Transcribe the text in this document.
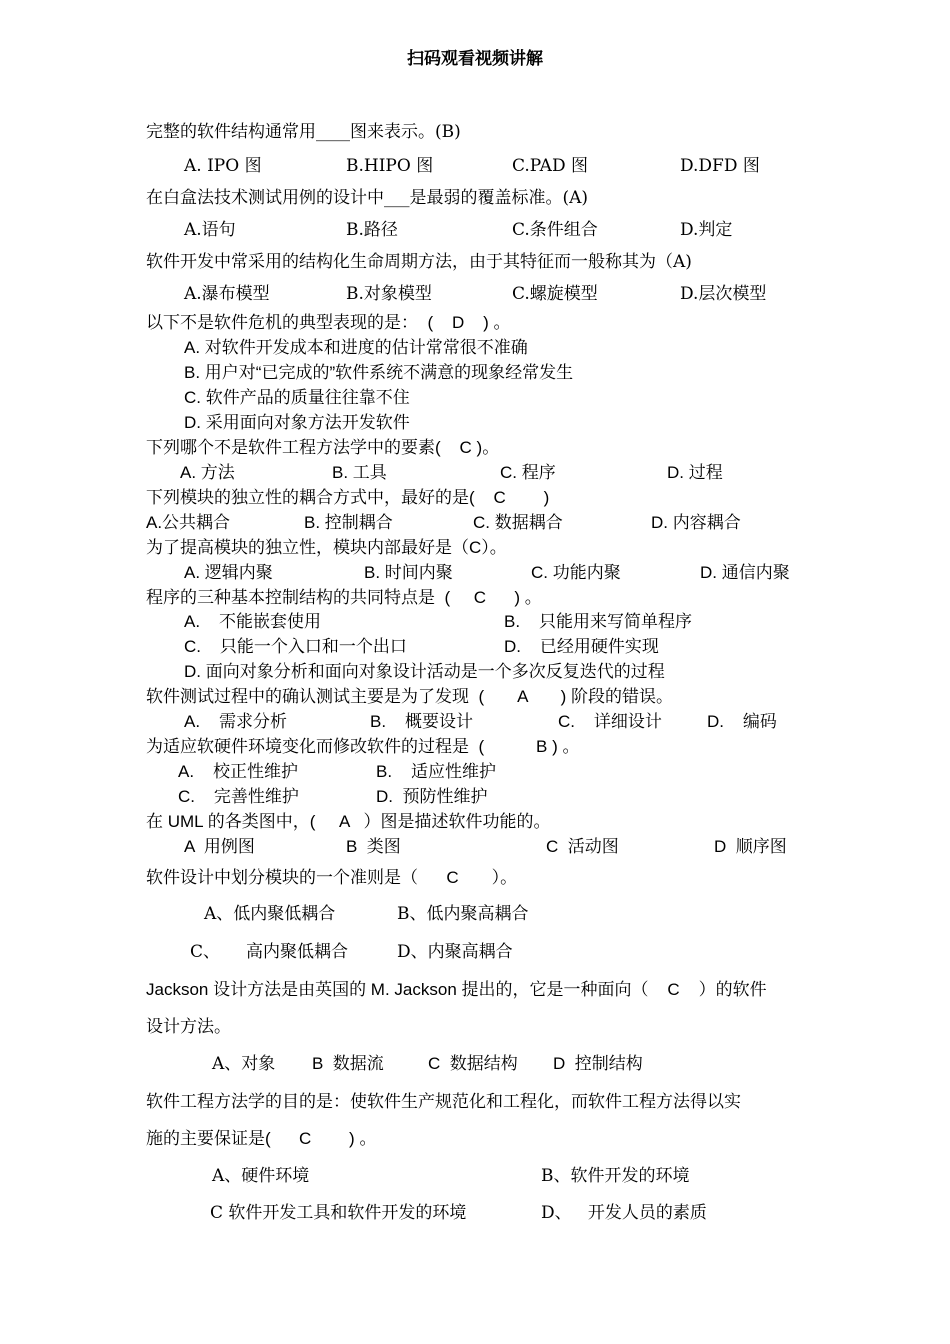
扫码观看视频讲解
完整的软件结构通常用____图来表示。(B)
A. IPO 图	B.HIPO 图	C.PAD 图	D.DFD 图
在白盒法技术测试用例的设计中___是最弱的覆盖标准。(A)
A.语句	B.路径	C.条件组合	D.判定
软件开发中常采用的结构化生命周期方法，由于其特征而一般称其为（A)
A.瀑布模型	B.对象模型	C.螺旋模型	D.层次模型
以下不是软件危机的典型表现的是：  (    D    ) 。
A. 对软件开发成本和进度的估计常常很不准确
B. 用户对“已完成的”软件系统不满意的现象经常发生
C. 软件产品的质量往往靠不住
D. 采用面向对象方法开发软件
下列哪个不是软件工程方法学中的要素(    C )。
A. 方法	B. 工具	C. 程序	D. 过程
下列模块的独立性的耦合方式中，最好的是(    C        )
A.公共耦合	B. 控制耦合	C. 数据耦合	D. 内容耦合
为了提高模块的独立性，模块内部最好是（C）。
A. 逻辑内聚	B. 时间内聚	C. 功能内聚	D. 通信内聚
程序的三种基本控制结构的共同特点是  (     C      ) 。
A.    不能嵌套使用	B.    只能用来写简单程序
C.    只能一个入口和一个出口	D.    已经用硬件实现
D. 面向对象分析和面向对象设计活动是一个多次反复迭代的过程
软件测试过程中的确认测试主要是为了发现  (       A       ) 阶段的错误。
A.    需求分析	B.    概要设计	C.    详细设计	D.    编码
为适应软硬件环境变化而修改软件的过程是  (           B ) 。
A.    校正性维护	B.    适应性维护
C.    完善性维护	D.  预防性维护
在 UML 的各类图中，(     A   ）图是描述软件功能的。
A  用例图	B  类图	C  活动图	D  顺序图
软件设计中划分模块的一个准则是（      C       ）。
A、低内聚低耦合	B、低内聚高耦合
C、 高内聚低耦合	D、内聚高耦合
Jackson 设计方法是由英国的 M. Jackson 提出的，它是一种面向（    C    ）的软件
设计方法。
A、对象 B  数据流	C  数据结构 D  控制结构
软件工程方法学的目的是：使软件生产规范化和工程化，而软件工程方法得以实
施的主要保证是(      C        ) 。
A、硬件环境	B、软件开发的环境
C 软件开发工具和软件开发的环境	D、   开发人员的素质
